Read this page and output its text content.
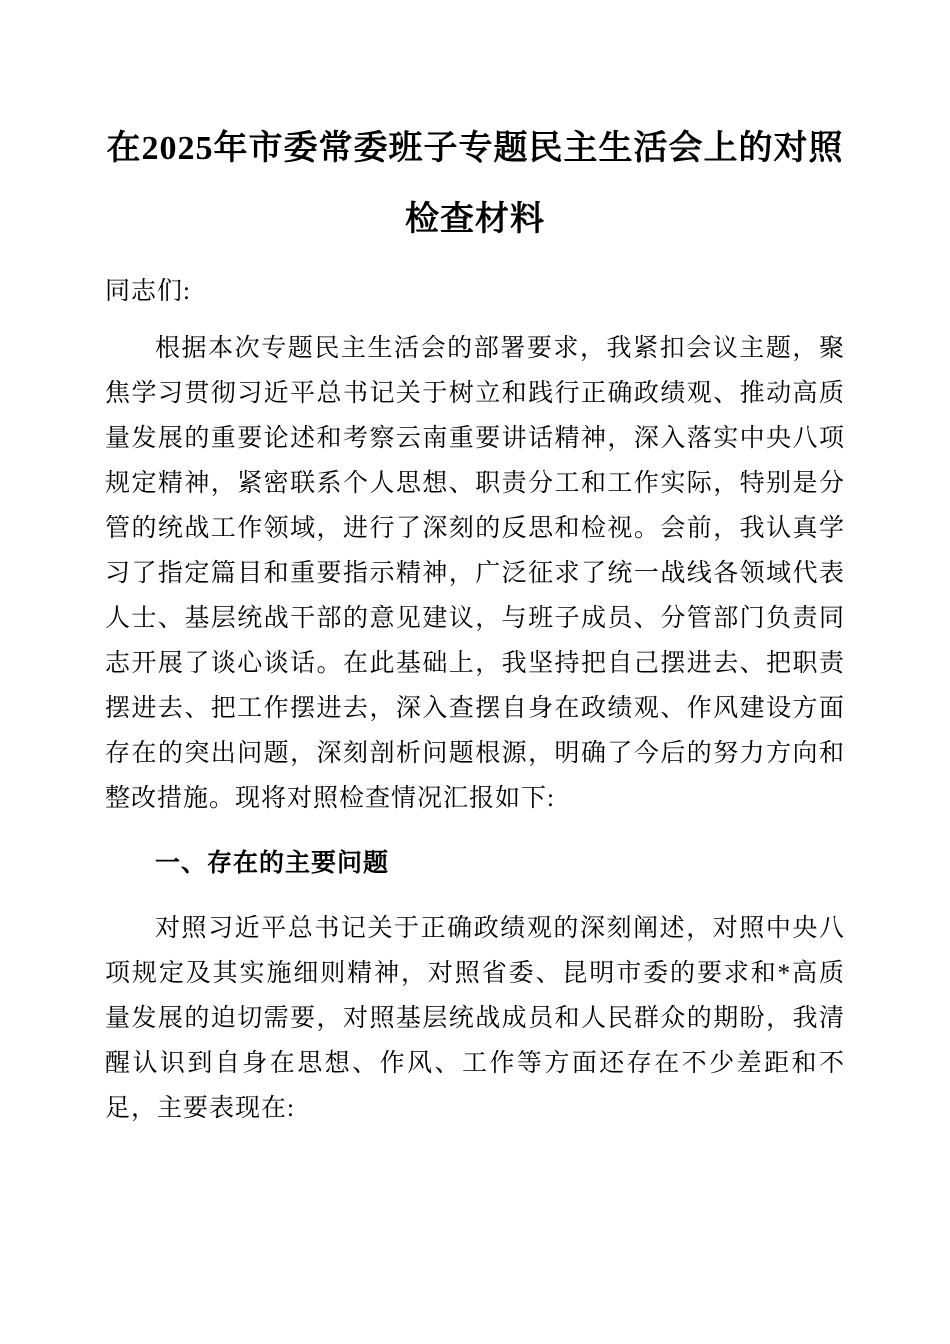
在2025年市委常委班子专题民主生活会上的对照检查材料

同志们:

根据本次专题民主生活会的部署要求，我紧扣会议主题，聚焦学习贯彻习近平总书记关于树立和践行正确政绩观、推动高质量发展的重要论述和考察云南重要讲话精神，深入落实中央八项规定精神，紧密联系个人思想、职责分工和工作实际，特别是分管的统战工作领域，进行了深刻的反思和检视。会前，我认真学习了指定篇目和重要指示精神，广泛征求了统一战线各领域代表人士、基层统战干部的意见建议，与班子成员、分管部门负责同志开展了谈心谈话。在此基础上，我坚持把自己摆进去、把职责摆进去、把工作摆进去，深入查摆自身在政绩观、作风建设方面存在的突出问题，深刻剖析问题根源，明确了今后的努力方向和整改措施。现将对照检查情况汇报如下:

一、存在的主要问题

对照习近平总书记关于正确政绩观的深刻阐述，对照中央八项规定及其实施细则精神，对照省委、昆明市委的要求和*高质量发展的迫切需要，对照基层统战成员和人民群众的期盼，我清醒认识到自身在思想、作风、工作等方面还存在不少差距和不足，主要表现在:
